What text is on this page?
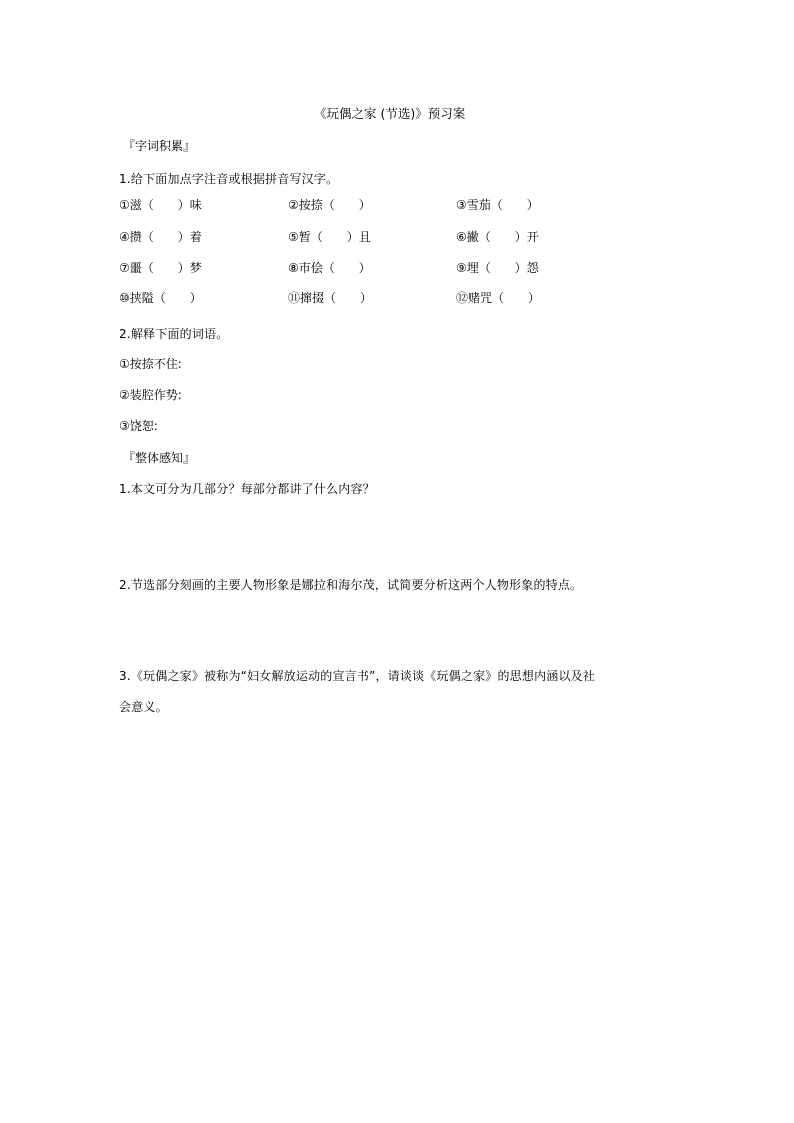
《玩偶之家 (节选)》预习案
『字词积累』
1.给下面加点字注音或根据拼音写汉字。
①滋（　　）味	②按捺（　　）	③雪茄（　　）
④攒（　　）着	⑤暂（　　）且	⑥撇（　　）开
⑦噩（　　）梦	⑧市侩（　　）	⑨埋（　　）怨
⑩挟隘（　　）	⑪撺掇（　　）	⑫赌咒（　　）
2.解释下面的词语。
①按捺不住:
②装腔作势:
③饶恕:
『整体感知』
1.本文可分为几部分？每部分都讲了什么内容？
2.节选部分刻画的主要人物形象是娜拉和海尔茂，试简要分析这两个人物形象的特点。
3.《玩偶之家》被称为“妇女解放运动的宣言书”，请谈谈《玩偶之家》的思想内涵以及社
会意义。
